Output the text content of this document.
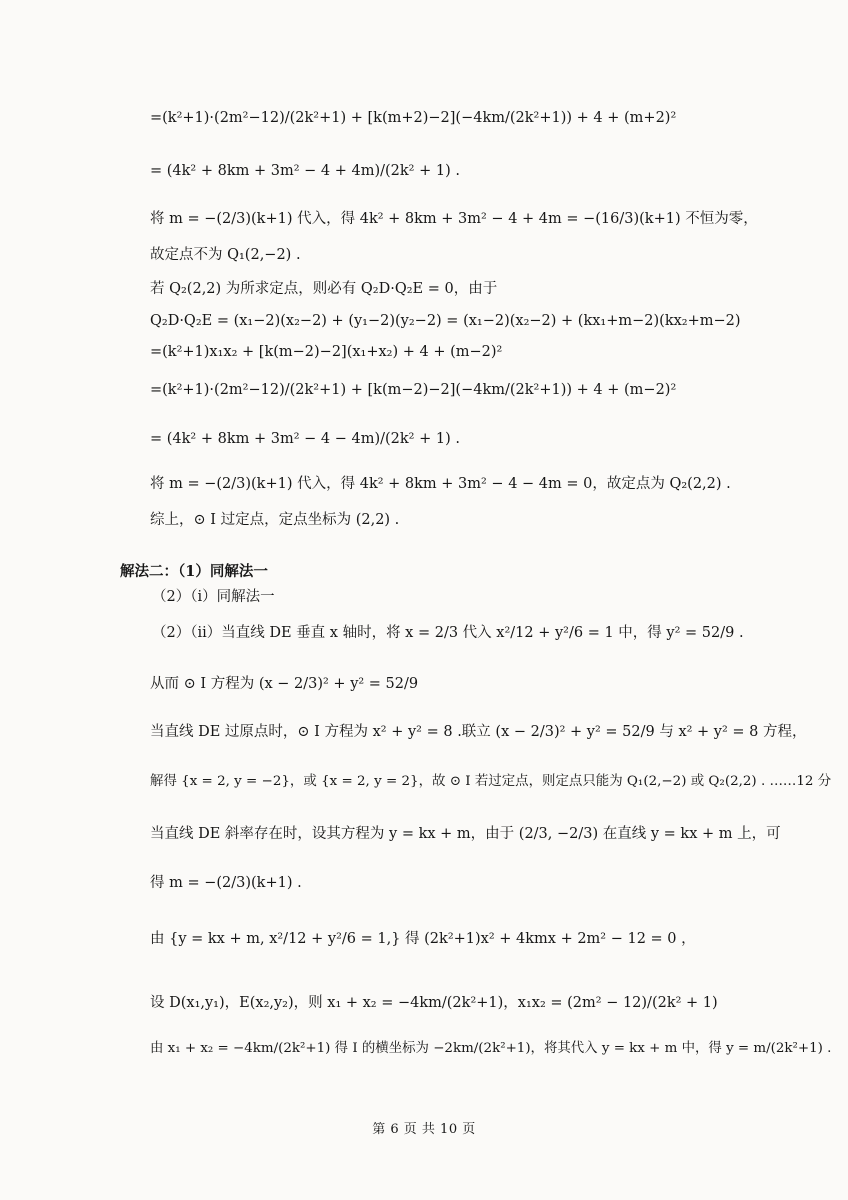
=(k²+1)·(2m²−12)/(2k²+1) + [k(m+2)−2](−4km/(2k²+1)) + 4 + (m+2)²
= (4k² + 8km + 3m² − 4 + 4m)/(2k² + 1) .
将 m = −(2/3)(k+1) 代入，得 4k² + 8km + 3m² − 4 + 4m = −(16/3)(k+1) 不恒为零，
故定点不为 Q₁(2,−2) .
若 Q₂(2,2) 为所求定点，则必有 Q₂D·Q₂E = 0，由于
Q₂D·Q₂E = (x₁−2)(x₂−2) + (y₁−2)(y₂−2) = (x₁−2)(x₂−2) + (kx₁+m−2)(kx₂+m−2)
=(k²+1)x₁x₂ + [k(m−2)−2](x₁+x₂) + 4 + (m−2)²
=(k²+1)·(2m²−12)/(2k²+1) + [k(m−2)−2](−4km/(2k²+1)) + 4 + (m−2)²
= (4k² + 8km + 3m² − 4 − 4m)/(2k² + 1) .
将 m = −(2/3)(k+1) 代入，得 4k² + 8km + 3m² − 4 − 4m = 0，故定点为 Q₂(2,2) .
综上，⊙ I 过定点，定点坐标为 (2,2) .
解法二：（1）同解法一
（2）（i）同解法一
（2）（ii）当直线 DE 垂直 x 轴时，将 x = 2/3 代入 x²/12 + y²/6 = 1 中，得 y² = 52/9 .
从而 ⊙ I 方程为 (x − 2/3)² + y² = 52/9
当直线 DE 过原点时，⊙ I 方程为 x² + y² = 8 .联立 (x − 2/3)² + y² = 52/9 与 x² + y² = 8 方程，
解得 {x = 2, y = −2}，或 {x = 2, y = 2}，故 ⊙ I 若过定点，则定点只能为 Q₁(2,−2) 或 Q₂(2,2) . ……12 分
当直线 DE 斜率存在时，设其方程为 y = kx + m，由于 (2/3, −2/3) 在直线 y = kx + m 上，可
得 m = −(2/3)(k+1) .
由 {y = kx + m, x²/12 + y²/6 = 1,} 得 (2k²+1)x² + 4kmx + 2m² − 12 = 0 ，
设 D(x₁,y₁)，E(x₂,y₂)，则 x₁ + x₂ = −4km/(2k²+1)，x₁x₂ = (2m² − 12)/(2k² + 1)
由 x₁ + x₂ = −4km/(2k²+1) 得 I 的横坐标为 −2km/(2k²+1)，将其代入 y = kx + m 中，得 y = m/(2k²+1) .
第 6 页 共 10 页
